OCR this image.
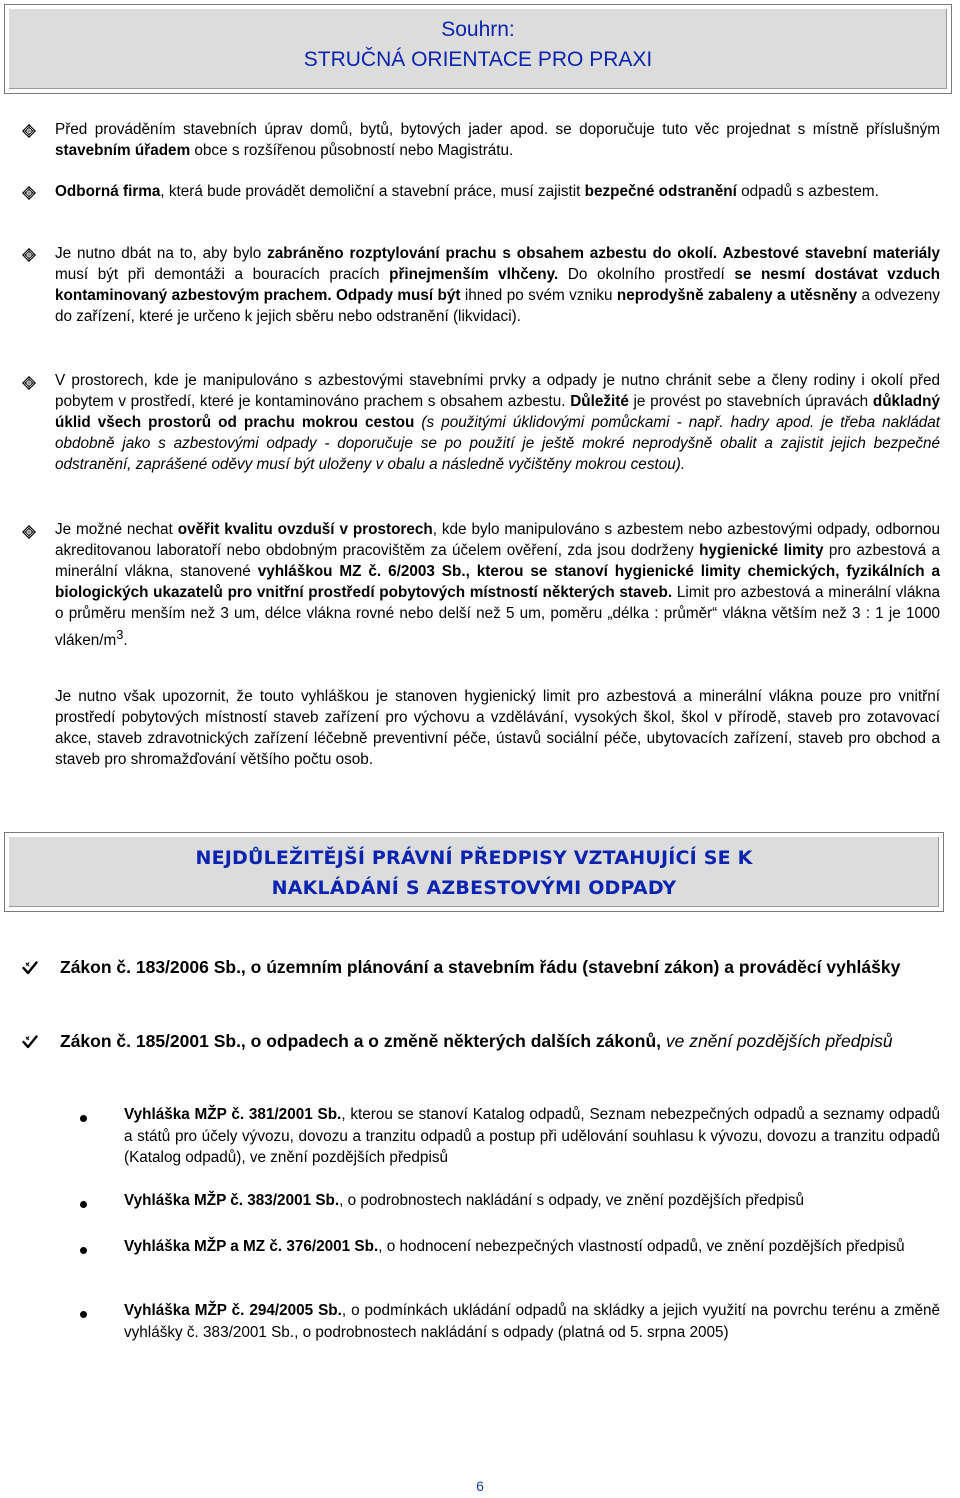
Souhrn:
STRUČNÁ ORIENTACE PRO PRAXI

Před prováděním stavebních úprav domů, bytů, bytových jader apod. se doporučuje tuto věc projednat s místně příslušným stavebním úřadem obce s rozšířenou působností nebo Magistrátu.

Odborná firma, která bude provádět demoliční a stavební práce, musí zajistit bezpečné odstranění odpadů s azbestem.

Je nutno dbát na to, aby bylo zabráněno rozptylování prachu s obsahem azbestu do okolí. Azbestové stavební materiály musí být při demontáži a bouracích pracích přinejmenším vlhčeny. Do okolního prostředí se nesmí dostávat vzduch kontaminovaný azbestovým prachem. Odpady musí být ihned po svém vzniku neprodyšně zabaleny a utěsněny a odvezeny do zařízení, které je určeno k jejich sběru nebo odstranění (likvidaci).

V prostorech, kde je manipulováno s azbestovými stavebními prvky a odpady je nutno chránit sebe a členy rodiny i okolí před pobytem v prostředí, které je kontaminováno prachem s obsahem azbestu. Důležité je provést po stavebních úpravách důkladný úklid všech prostorů od prachu mokrou cestou (s použitými úklidovými pomůckami - např. hadry apod. je třeba nakládat obdobně jako s azbestovými odpady - doporučuje se po použití je ještě mokré neprodyšně obalit a zajistit jejich bezpečné odstranění, zaprášené oděvy musí být uloženy v obalu a následně vyčištěny mokrou cestou).

Je možné nechat ověřit kvalitu ovzduší v prostorech, kde bylo manipulováno s azbestem nebo azbestovými odpady, odbornou akreditovanou laboratoří nebo obdobným pracovištěm za účelem ověření, zda jsou dodrženy hygienické limity pro azbestová a minerální vlákna, stanovené vyhláškou MZ č. 6/2003 Sb., kterou se stanoví hygienické limity chemických, fyzikálních a biologických ukazatelů pro vnitřní prostředí pobytových místností některých staveb. Limit pro azbestová a minerální vlákna o průměru menším než 3 um, délce vlákna rovné nebo delší než 5 um, poměru „délka : průměr“ vlákna větším než 3 : 1 je 1000 vláken/$m^3$.

Je nutno však upozornit, že touto vyhláškou je stanoven hygienický limit pro azbestová a minerální vlákna pouze pro vnitřní prostředí pobytových místností staveb zařízení pro výchovu a vzdělávání, vysokých škol, škol v přírodě, staveb pro zotavovací akce, staveb zdravotnických zařízení léčebně preventivní péče, ústavů sociální péče, ubytovacích zařízení, staveb pro obchod a staveb pro shromažďování většího počtu osob.

NEJDŮLEŽITĚJŠÍ PRÁVNÍ PŘEDPISY VZTAHUJÍCÍ SE K
NAKLÁDÁNÍ S AZBESTOVÝMI ODPADY

Zákon č. 183/2006 Sb., o územním plánování a stavebním řádu (stavební zákon) a prováděcí vyhlášky

Zákon č. 185/2001 Sb., o odpadech a o změně některých dalších zákonů, ve znění pozdějších předpisů

Vyhláška MŽP č. 381/2001 Sb., kterou se stanoví Katalog odpadů, Seznam nebezpečných odpadů a seznamy odpadů a států pro účely vývozu, dovozu a tranzitu odpadů a postup při udělování souhlasu k vývozu, dovozu a tranzitu odpadů (Katalog odpadů), ve znění pozdějších předpisů

Vyhláška MŽP č. 383/2001 Sb., o podrobnostech nakládání s odpady, ve znění pozdějších předpisů

Vyhláška MŽP a MZ č. 376/2001 Sb., o hodnocení nebezpečných vlastností odpadů, ve znění pozdějších předpisů

Vyhláška MŽP č. 294/2005 Sb., o podmínkách ukládání odpadů na skládky a jejich využití na povrchu terénu a změně vyhlášky č. 383/2001 Sb., o podrobnostech nakládání s odpady (platná od 5. srpna 2005)

6
